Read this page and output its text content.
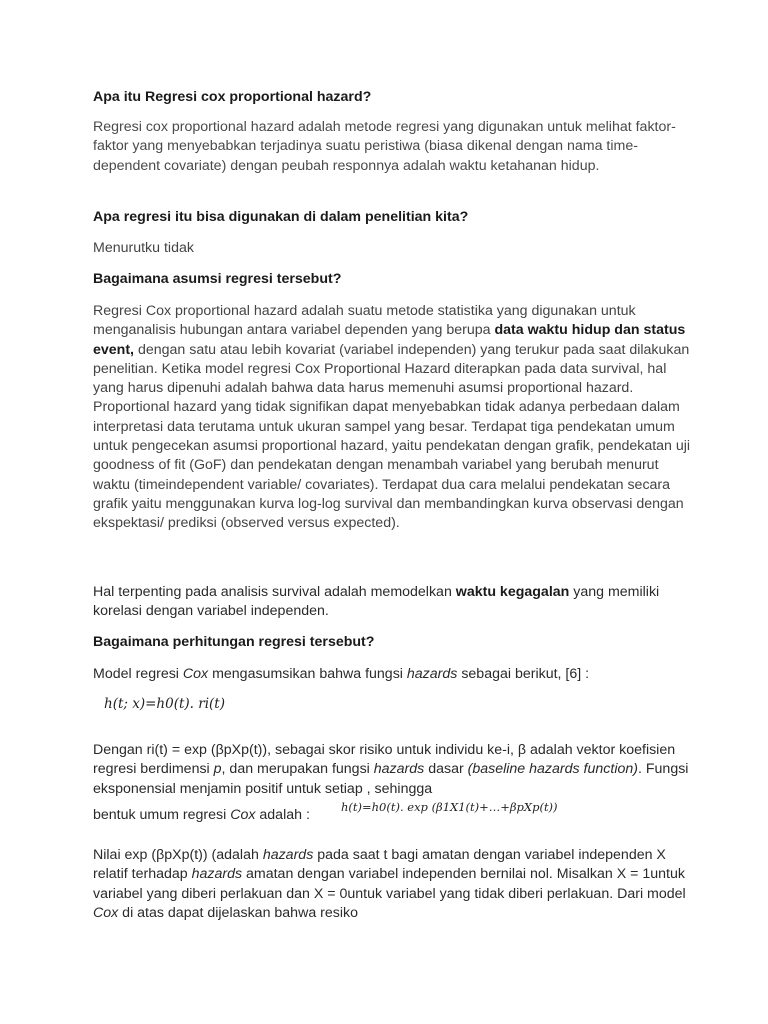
Apa itu Regresi cox proportional hazard?
Regresi cox proportional hazard adalah metode regresi yang digunakan untuk melihat faktor-faktor yang menyebabkan terjadinya suatu peristiwa (biasa dikenal dengan nama time-dependent covariate) dengan peubah responnya adalah waktu ketahanan hidup.
Apa regresi itu bisa digunakan di dalam penelitian kita?
Menurutku tidak
Bagaimana asumsi regresi tersebut?
Regresi Cox proportional hazard adalah suatu metode statistika yang digunakan untuk menganalisis hubungan antara variabel dependen yang berupa data waktu hidup dan status event, dengan satu atau lebih kovariat (variabel independen) yang terukur pada saat dilakukan penelitian. Ketika model regresi Cox Proportional Hazard diterapkan pada data survival, hal yang harus dipenuhi adalah bahwa data harus memenuhi asumsi proportional hazard. Proportional hazard yang tidak signifikan dapat menyebabkan tidak adanya perbedaan dalam interpretasi data terutama untuk ukuran sampel yang besar. Terdapat tiga pendekatan umum untuk pengecekan asumsi proportional hazard, yaitu pendekatan dengan grafik, pendekatan uji goodness of fit (GoF) dan pendekatan dengan menambah variabel yang berubah menurut waktu (timeindependent variable/ covariates). Terdapat dua cara melalui pendekatan secara grafik yaitu menggunakan kurva log-log survival dan membandingkan kurva observasi dengan ekspektasi/ prediksi (observed versus expected).
Hal terpenting pada analisis survival adalah memodelkan waktu kegagalan yang memiliki korelasi dengan variabel independen.
Bagaimana perhitungan regresi tersebut?
Model regresi Cox mengasumsikan bahwa fungsi hazards sebagai berikut, [6] :
h(t; x)=h0(t). ri(t)
Dengan ri(t) = exp (βpXp(t)), sebagai skor risiko untuk individu ke-i, β adalah vektor koefisien regresi berdimensi p, dan merupakan fungsi hazards dasar (baseline hazards function). Fungsi eksponensial menjamin positif untuk setiap , sehingga
bentuk umum regresi Cox adalah :	h(t)=h0(t). exp (β1X1(t)+…+βpXp(t))
Nilai exp (βpXp(t)) (adalah hazards pada saat t bagi amatan dengan variabel independen X relatif terhadap hazards amatan dengan variabel independen bernilai nol. Misalkan X = 1untuk variabel yang diberi perlakuan dan X = 0untuk variabel yang tidak diberi perlakuan. Dari model Cox di atas dapat dijelaskan bahwa resiko
